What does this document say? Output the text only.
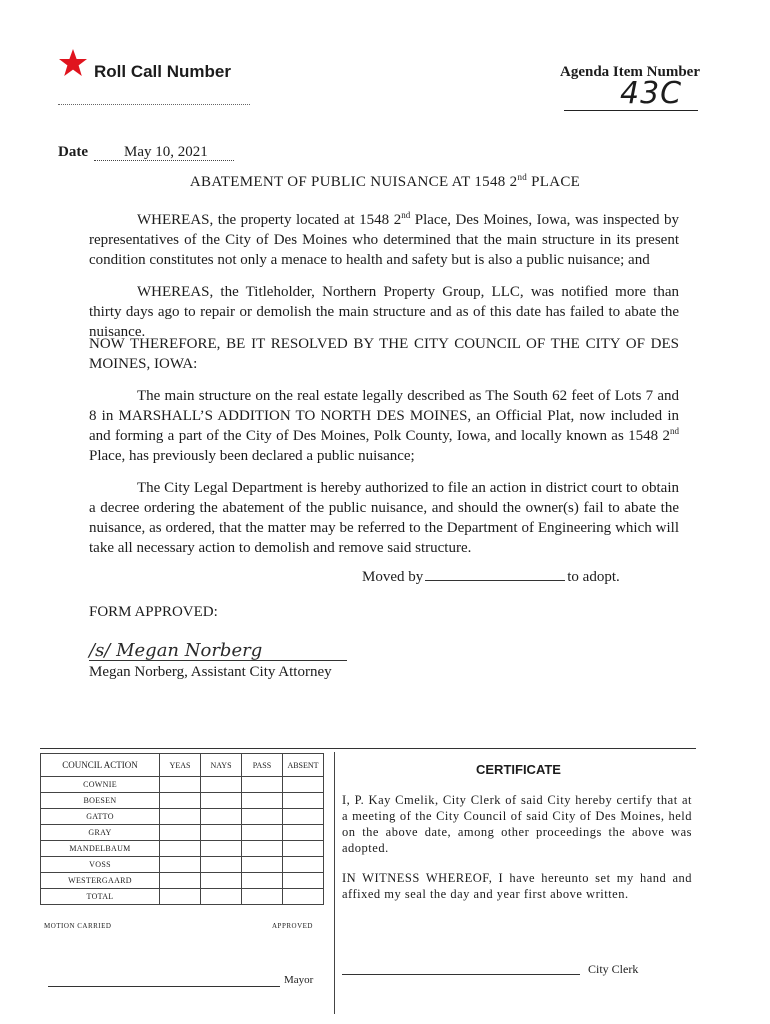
Roll Call Number	Agenda Item Number
43C
Date May 10, 2021
ABATEMENT OF PUBLIC NUISANCE AT 1548 2nd PLACE

WHEREAS, the property located at 1548 2nd Place, Des Moines, Iowa, was inspected by representatives of the City of Des Moines who determined that the main structure in its present condition constitutes not only a menace to health and safety but is also a public nuisance; and

WHEREAS, the Titleholder, Northern Property Group, LLC, was notified more than thirty days ago to repair or demolish the main structure and as of this date has failed to abate the nuisance.

NOW THEREFORE, BE IT RESOLVED BY THE CITY COUNCIL OF THE CITY OF DES MOINES, IOWA:

The main structure on the real estate legally described as The South 62 feet of Lots 7 and 8 in MARSHALL’S ADDITION TO NORTH DES MOINES, an Official Plat, now included in and forming a part of the City of Des Moines, Polk County, Iowa, and locally known as 1548 2nd Place, has previously been declared a public nuisance;

The City Legal Department is hereby authorized to file an action in district court to obtain a decree ordering the abatement of the public nuisance, and should the owner(s) fail to abate the nuisance, as ordered, that the matter may be referred to the Department of Engineering which will take all necessary action to demolish and remove said structure.

Moved by	to adopt.
FORM APPROVED:
/s/ Megan Norberg
Megan Norberg, Assistant City Attorney
COUNCIL ACTION	YEAS	NAYS	PASS	ABSENT
COWNIE				
BOESEN				
GATTO				
GRAY				
MANDELBAUM				
VOSS				
WESTERGAARD				
TOTAL				
MOTION CARRIED	APPROVED
CERTIFICATE

I, P. Kay Cmelik, City Clerk of said City hereby certify that at a meeting of the City Council of said City of Des Moines, held on the above date, among other proceedings the above was adopted.

IN WITNESS WHEREOF, I have hereunto set my hand and affixed my seal the day and year first above written.

Mayor
City Clerk
